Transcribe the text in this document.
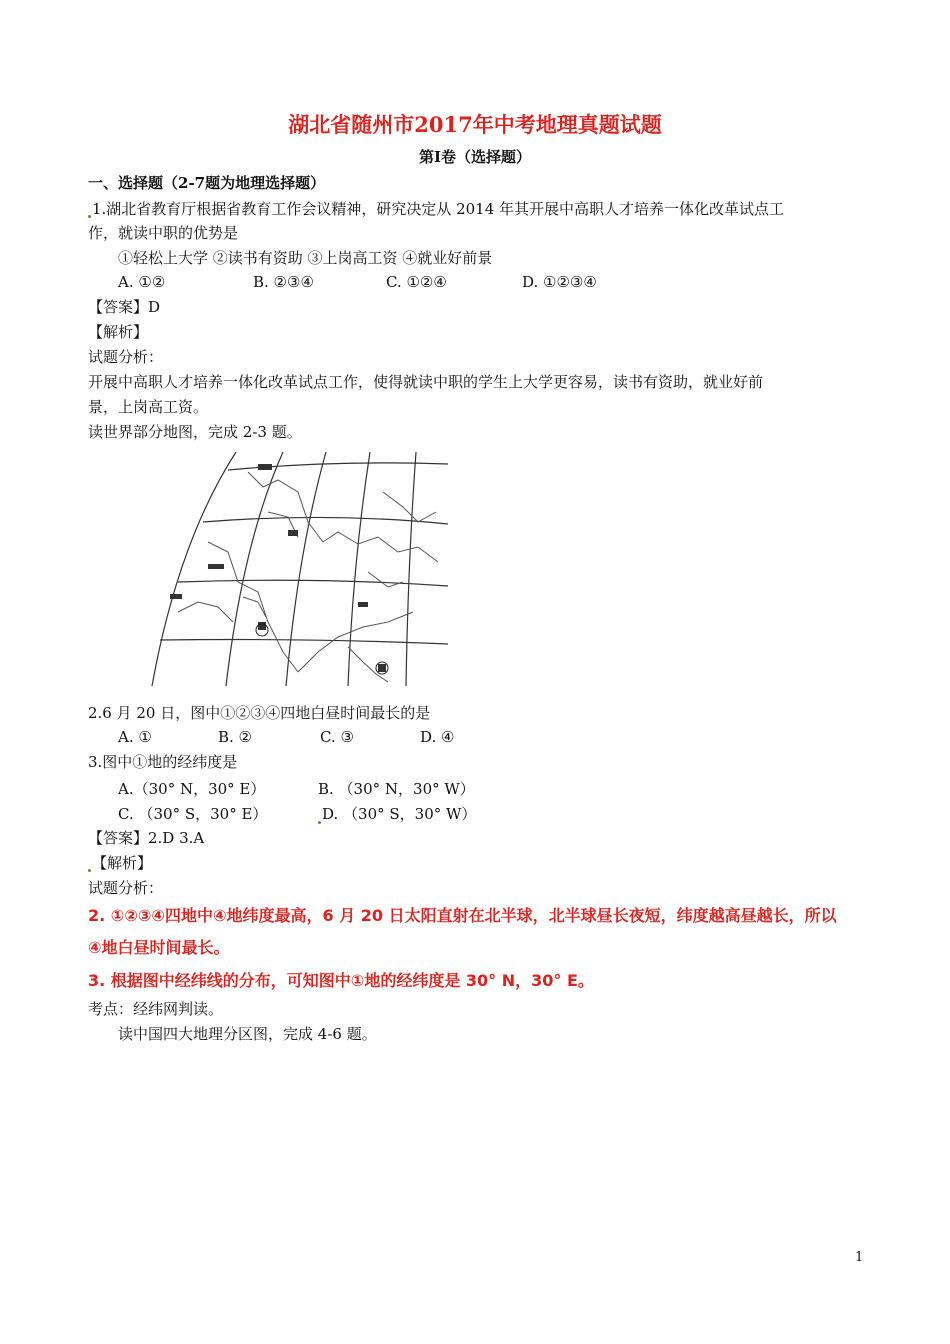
湖北省随州市2017年中考地理真题试题
第Ⅰ卷（选择题）
一、选择题（2-7题为地理选择题）
1.湖北省教育厅根据省教育工作会议精神，研究决定从 2014 年其开展中高职人才培养一体化改革试点工
作，就读中职的优势是
①轻松上大学 ②读书有资助 ③上岗高工资 ④就业好前景
A. ①②	B. ②③④	C. ①②④	D. ①②③④
【答案】D
【解析】
试题分析：
开展中高职人才培养一体化改革试点工作，使得就读中职的学生上大学更容易，读书有资助，就业好前
景，上岗高工资。
读世界部分地图，完成 2-3 题。
2.6 月 20 日，图中①②③④四地白昼时间最长的是
A. ①	B. ②	C. ③	D. ④
3.图中①地的经纬度是
A.（30° N，30° E）	B. （30° N，30° W）
C. （30° S，30° E）	D. （30° S，30° W）
【答案】2.D 3.A
【解析】
试题分析：
2. ①②③④四地中④地纬度最高，6 月 20 日太阳直射在北半球，北半球昼长夜短，纬度越高昼越长，所以
④地白昼时间最长。
3. 根据图中经纬线的分布，可知图中①地的经纬度是 30° N，30° E。
考点：经纬网判读。
读中国四大地理分区图，完成 4-6 题。
1
